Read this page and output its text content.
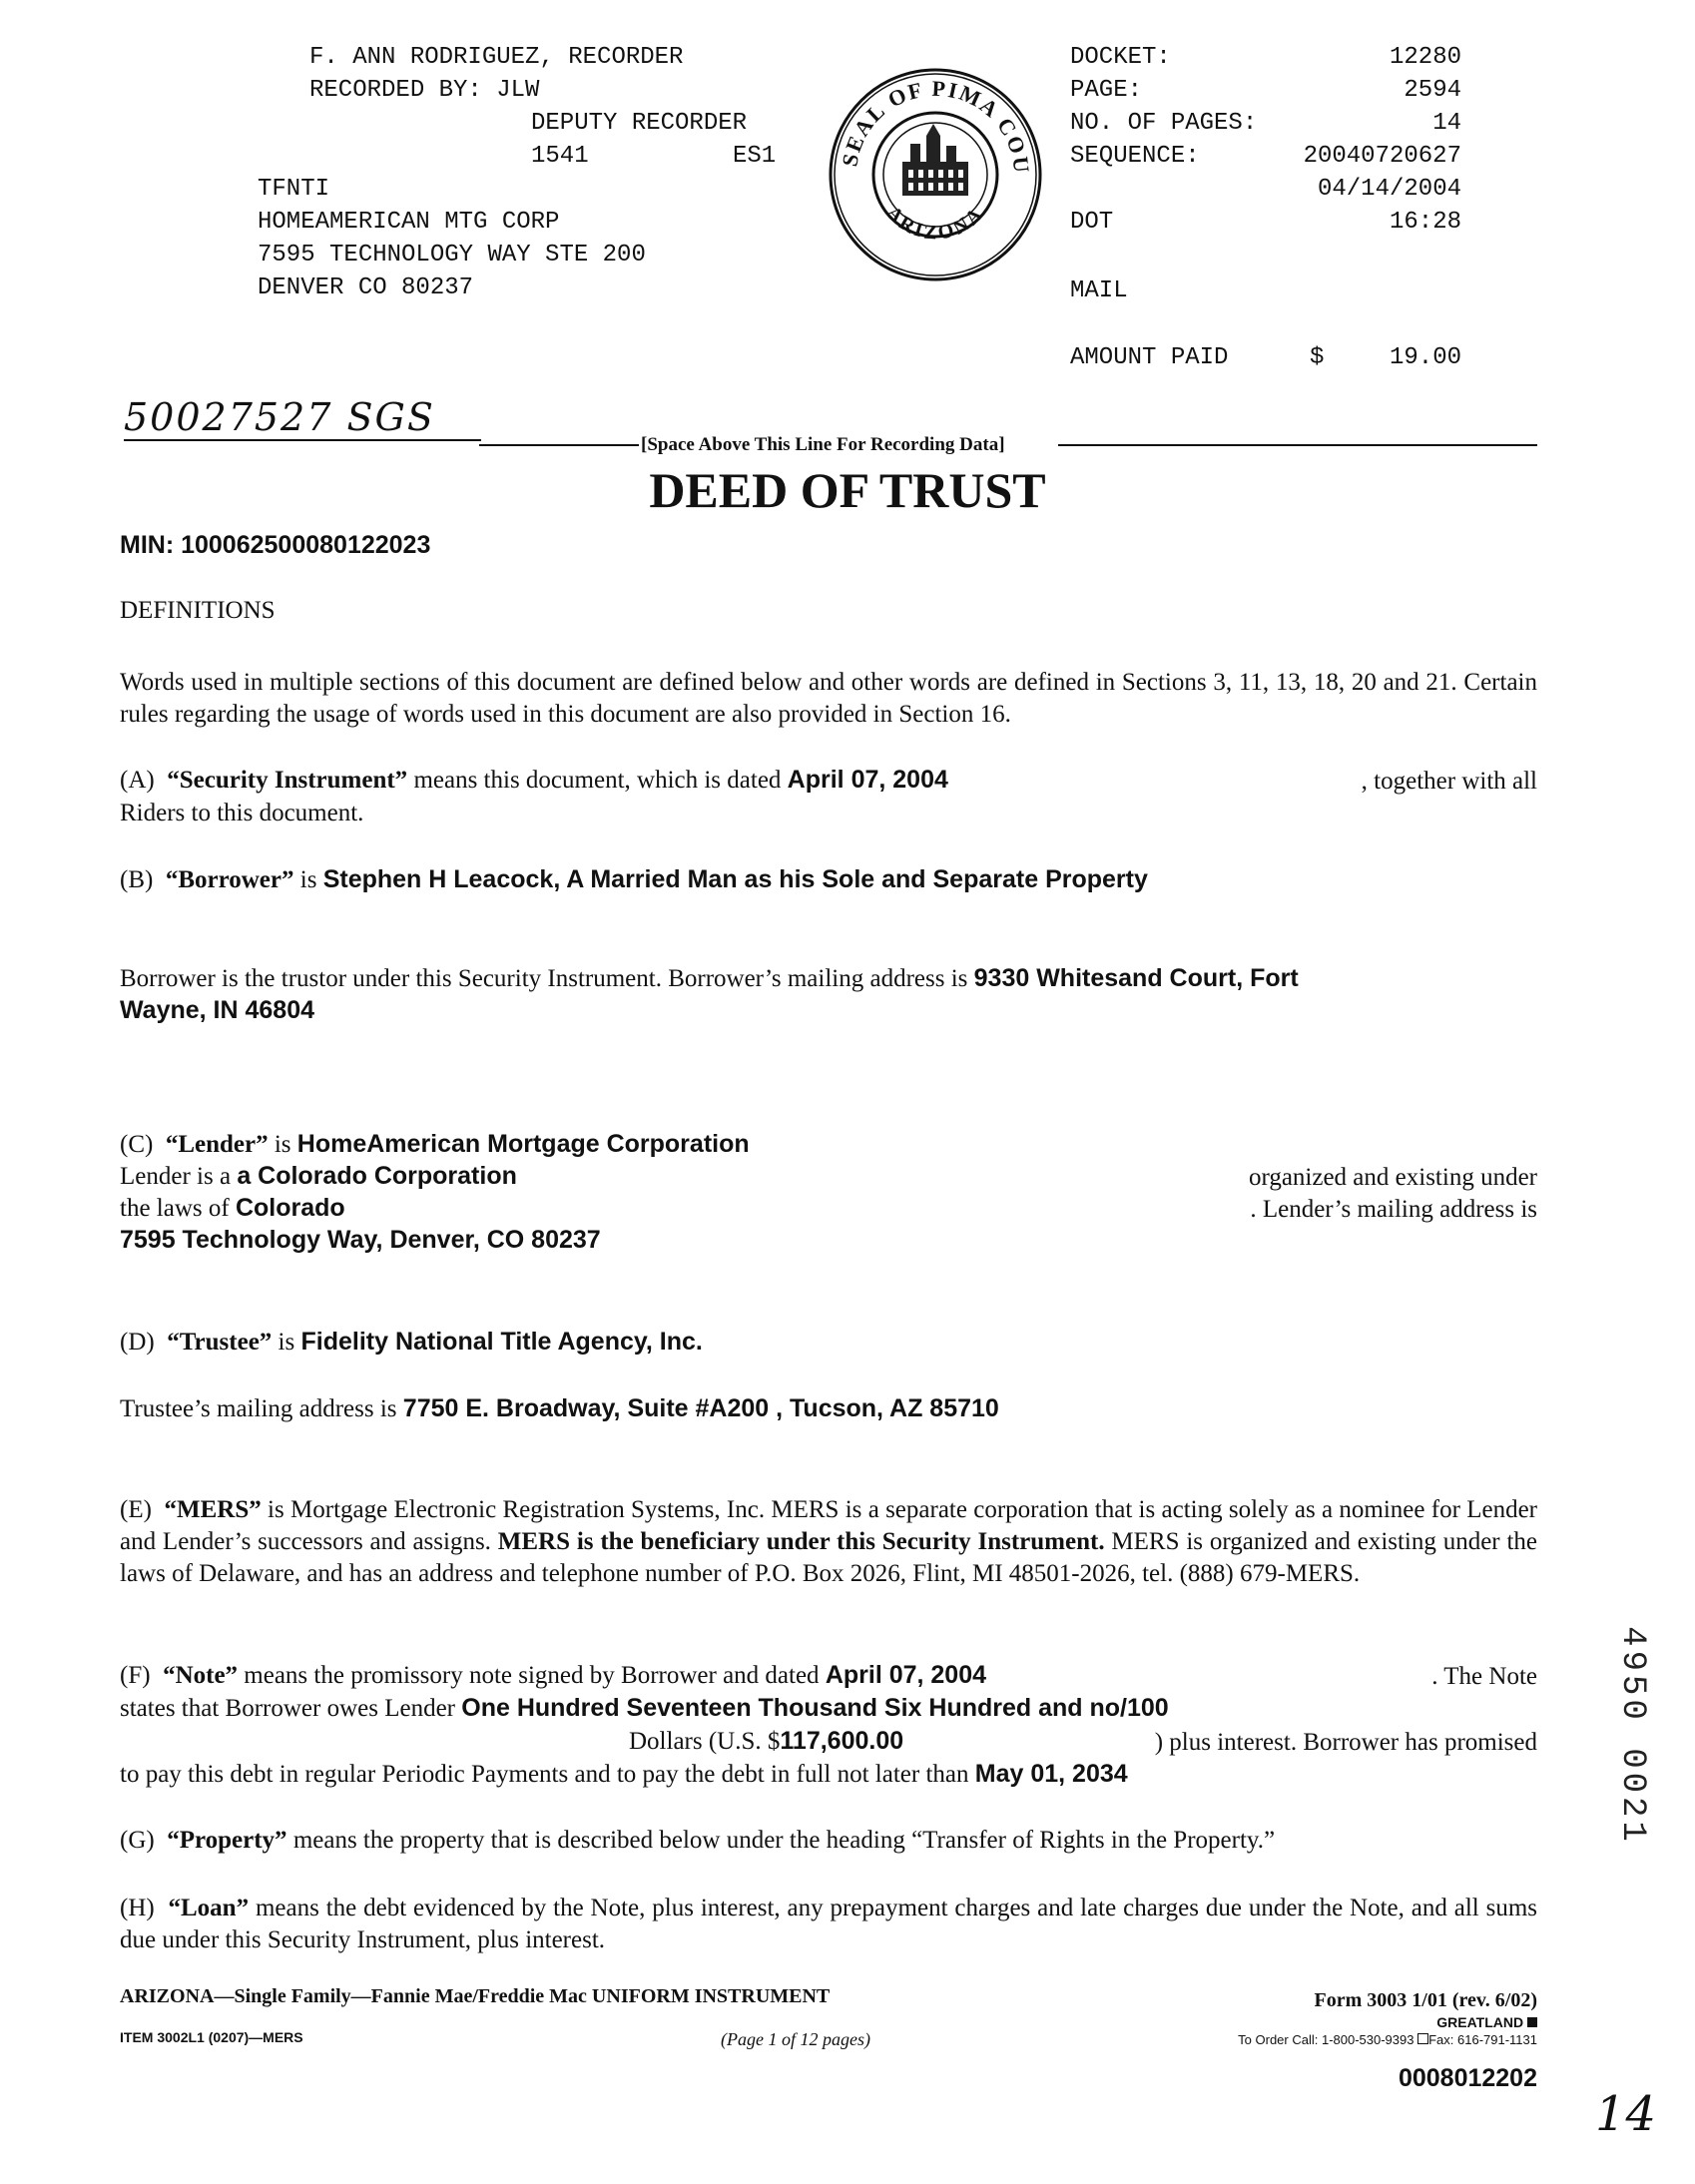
F. ANN RODRIGUEZ, RECORDER
RECORDED BY: JLW
DEPUTY RECORDER
1541	ES1
TFNTI
HOMEAMERICAN MTG CORP
7595 TECHNOLOGY WAY STE 200
DENVER CO 80237
SEAL OF PIMA COU
ARIZONA
DOCKET:	12280
PAGE:	2594
NO. OF PAGES:	14
SEQUENCE:	20040720627
04/14/2004
DOT	16:28
MAIL
AMOUNT PAID	$	19.00
50027527 SGS
[Space Above This Line For Recording Data]
DEED OF TRUST
MIN: 100062500080122023
DEFINITIONS
Words used in multiple sections of this document are defined below and other words are defined in Sections 3, 11, 13, 18, 20 and 21. Certain rules regarding the usage of words used in this document are also provided in Section 16.
(A) “Security Instrument” means this document, which is dated April 07, 2004	, together with all
Riders to this document.
(B) “Borrower” is Stephen H Leacock, A Married Man as his Sole and Separate Property
Borrower is the trustor under this Security Instrument. Borrower’s mailing address is 9330 Whitesand Court, Fort
Wayne, IN 46804
(C) “Lender” is HomeAmerican Mortgage Corporation
Lender is a a Colorado Corporation	organized and existing under
the laws of Colorado	. Lender’s mailing address is
7595 Technology Way, Denver, CO 80237
(D) “Trustee” is Fidelity National Title Agency, Inc.
Trustee’s mailing address is 7750 E. Broadway, Suite #A200 , Tucson, AZ 85710
(E) “MERS” is Mortgage Electronic Registration Systems, Inc. MERS is a separate corporation that is acting solely as a nominee for Lender and Lender’s successors and assigns. MERS is the beneficiary under this Security Instrument. MERS is organized and existing under the laws of Delaware, and has an address and telephone number of P.O. Box 2026, Flint, MI 48501-2026, tel. (888) 679-MERS.
(F) “Note” means the promissory note signed by Borrower and dated April 07, 2004	. The Note
states that Borrower owes Lender One Hundred Seventeen Thousand Six Hundred and no/100
Dollars (U.S. $117,600.00	) plus interest. Borrower has promised
to pay this debt in regular Periodic Payments and to pay the debt in full not later than May 01, 2034
(G) “Property” means the property that is described below under the heading “Transfer of Rights in the Property.”
(H) “Loan” means the debt evidenced by the Note, plus interest, any prepayment charges and late charges due under the Note, and all sums due under this Security Instrument, plus interest.
ARIZONA—Single Family—Fannie Mae/Freddie Mac UNIFORM INSTRUMENT	Form 3003 1/01 (rev. 6/02)
GREATLAND
ITEM 3002L1 (0207)—MERS	(Page 1 of 12 pages)	To Order Call: 1-800-530-9393 Fax: 616-791-1131
0008012202
4950 0021
14
